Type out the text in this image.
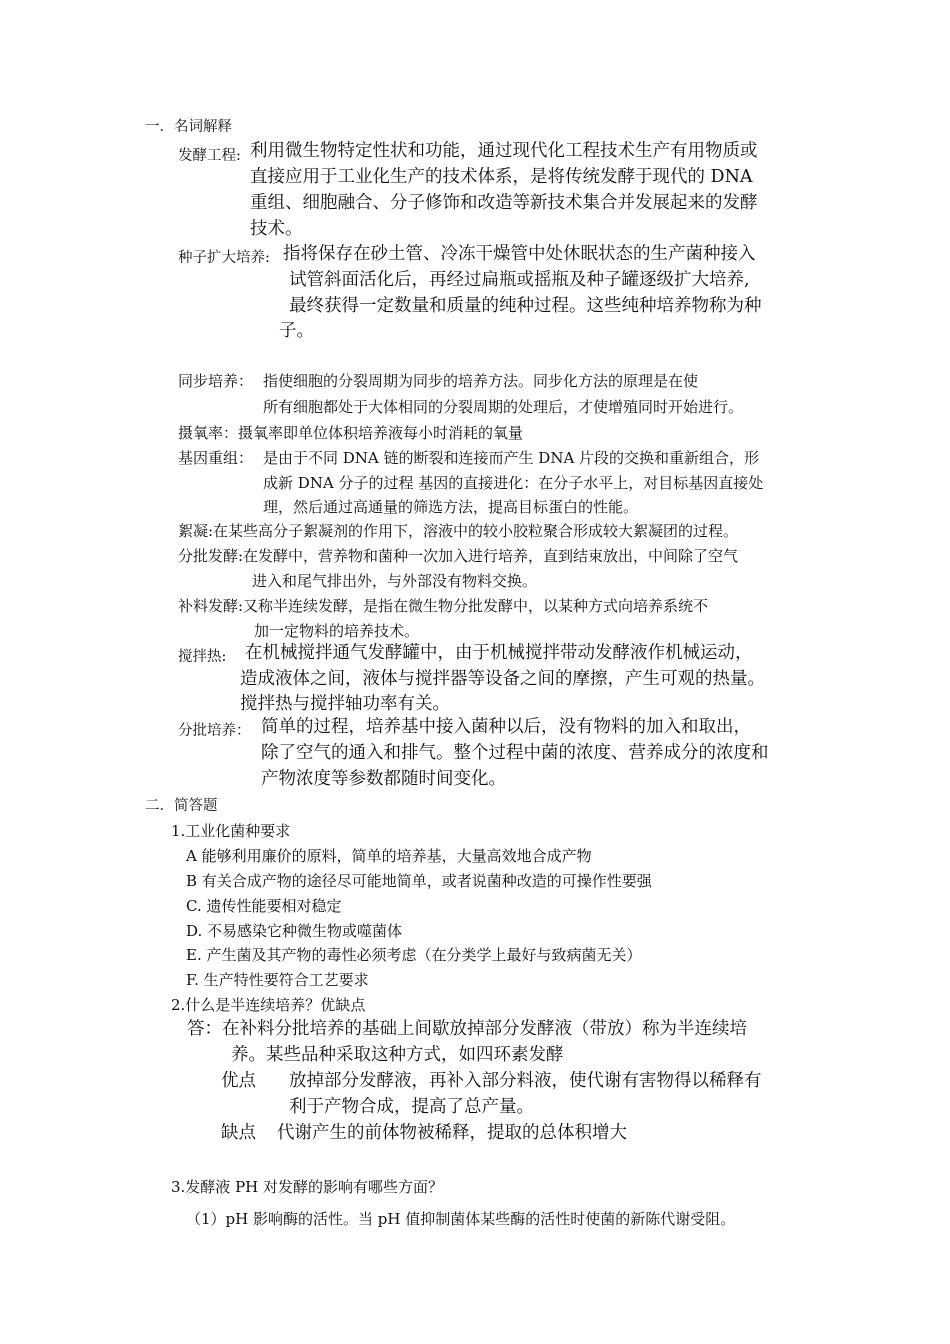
一．名词解释
发酵工程: 利用微生物特定性状和功能，通过现代化工程技术生产有用物质或
直接应用于工业化生产的技术体系，是将传统发酵于现代的 DNA
重组、细胞融合、分子修饰和改造等新技术集合并发展起来的发酵
技术。
种子扩大培养: 指将保存在砂土管、冷冻干燥管中处休眠状态的生产菌种接入
试管斜面活化后，再经过扁瓶或摇瓶及种子罐逐级扩大培养,
最终获得一定数量和质量的纯种过程。这些纯种培养物称为种
子。
同步培养： 指使细胞的分裂周期为同步的培养方法。同步化方法的原理是在使
所有细胞都处于大体相同的分裂周期的处理后，才使增殖同时开始进行。
摄氧率：摄氧率即单位体积培养液每小时消耗的氧量
基因重组： 是由于不同 DNA 链的断裂和连接而产生 DNA 片段的交换和重新组合，形
成新 DNA 分子的过程 基因的直接进化：在分子水平上，对目标基因直接处
理，然后通过高通量的筛选方法，提高目标蛋白的性能。
絮凝:在某些高分子絮凝剂的作用下，溶液中的较小胶粒聚合形成较大絮凝团的过程。
分批发酵:在发酵中，营养物和菌种一次加入进行培养，直到结束放出，中间除了空气
进入和尾气排出外，与外部没有物料交换。
补料发酵:又称半连续发酵，是指在微生物分批发酵中，以某种方式向培养系统不
加一定物料的培养技术。
搅拌热: 在机械搅拌通气发酵罐中，由于机械搅拌带动发酵液作机械运动，
造成液体之间，液体与搅拌器等设备之间的摩擦，产生可观的热量。
搅拌热与搅拌轴功率有关。
分批培养： 简单的过程，培养基中接入菌种以后，没有物料的加入和取出，
除了空气的通入和排气。整个过程中菌的浓度、营养成分的浓度和
产物浓度等参数都随时间变化。
二．简答题
1.工业化菌种要求
A 能够利用廉价的原料，简单的培养基，大量高效地合成产物
B 有关合成产物的途径尽可能地简单，或者说菌种改造的可操作性要强
C. 遗传性能要相对稳定
D. 不易感染它种微生物或噬菌体
E. 产生菌及其产物的毒性必须考虑（在分类学上最好与致病菌无关）
F. 生产特性要符合工艺要求
2.什么是半连续培养？优缺点
答：在补料分批培养的基础上间歇放掉部分发酵液（带放）称为半连续培
养。某些品种采取这种方式，如四环素发酵
优点 放掉部分发酵液，再补入部分料液，使代谢有害物得以稀释有
利于产物合成，提高了总产量。
缺点 代谢产生的前体物被稀释，提取的总体积增大
3.发酵液 PH 对发酵的影响有哪些方面？
（1）pH 影响酶的活性。当 pH 值抑制菌体某些酶的活性时使菌的新陈代谢受阻。
